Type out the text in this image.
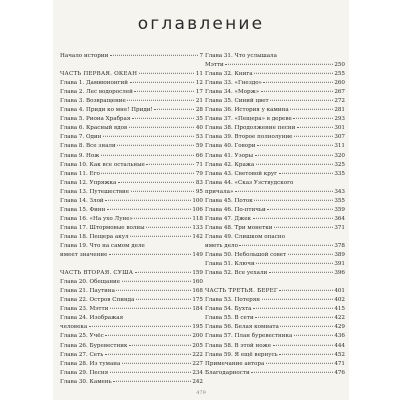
оглавление
Начало истории	7
ЧАСТЬ ПЕРВАЯ. ОКЕАН	11
Глава 1. Дамиюнонгий	12
Глава 2. Лес водорослей	17
Глава 3. Возвращение	21
Глава 4. Приди ко мне! Приди!	28
Глава 5. Риона Храбрая	35
Глава 6. Красный вдов	40
Глава 7. Один	53
Глава 8. Все знали	59
Глава 9. Нож	66
Глава 10. Как все остальные	71
Глава 11. Его	79
Глава 12. Упряжка	83
Глава 13. Путешествие	95
Глава 14. Злой	100
Глава 15. Финн	106
Глава 16. «На ухо Луне»	118
Глава 17. Штормовые волны	133
Глава 18. Пещера акул	142
Глава 19. Что на самом деле
имеет значение	149
ЧАСТЬ ВТОРАЯ. СУША	159
Глава 20. Обещание	160
Глава 21. Паутина	168
Глава 22. Остров Спинда	175
Глава 23. Мэтти	184
Глава 24. Изображая
человека	195
Глава 25. Учёс	200
Глава 26. Буревестник	205
Глава 27. Сеть	222
Глава 28. Из тумана	227
Глава 29. Песня	234
Глава 30. Камень	242
Глава 31. Что услышала
Мэтти	250
Глава 32. Книга	255
Глава 33. «Гнездо»	260
Глава 34. «Морж»	267
Глава 35. Синий цвет	272
Глава 36. История у камина	281
Глава 37. «Пещера» в дереве	293
Глава 38. Продолжение песни	301
Глава 39. Второе полнолуние	307
Глава 40. Говори	311
Глава 41. Узоры	320
Глава 42. Кража	325
Глава 43. Световой круг	335
Глава 44. «Сказ Узствудского
причала»	343
Глава 45. Поток	355
Глава 46. По-птичьи	359
Глава 47. Джек	364
Глава 48. Три монетки	371
Глава 49. Слишком опасно
иметь дело	378
Глава 50. Небольшой совет	389
Глава 51. Ключи	391
Глава 52. Все уехали	396
ЧАСТЬ ТРЕТЬЯ. БЕРЕГ	401
Глава 53. Потерян	402
Глава 54. Бухта	415
Глава 55. В сети	422
Глава 56. Белая комната	429
Глава 57. План буревестника	436
Глава 58. В этой ноже	444
Глава 59. Я ещё вернусь	452
Примечание автора	471
Благодарности	476
479
